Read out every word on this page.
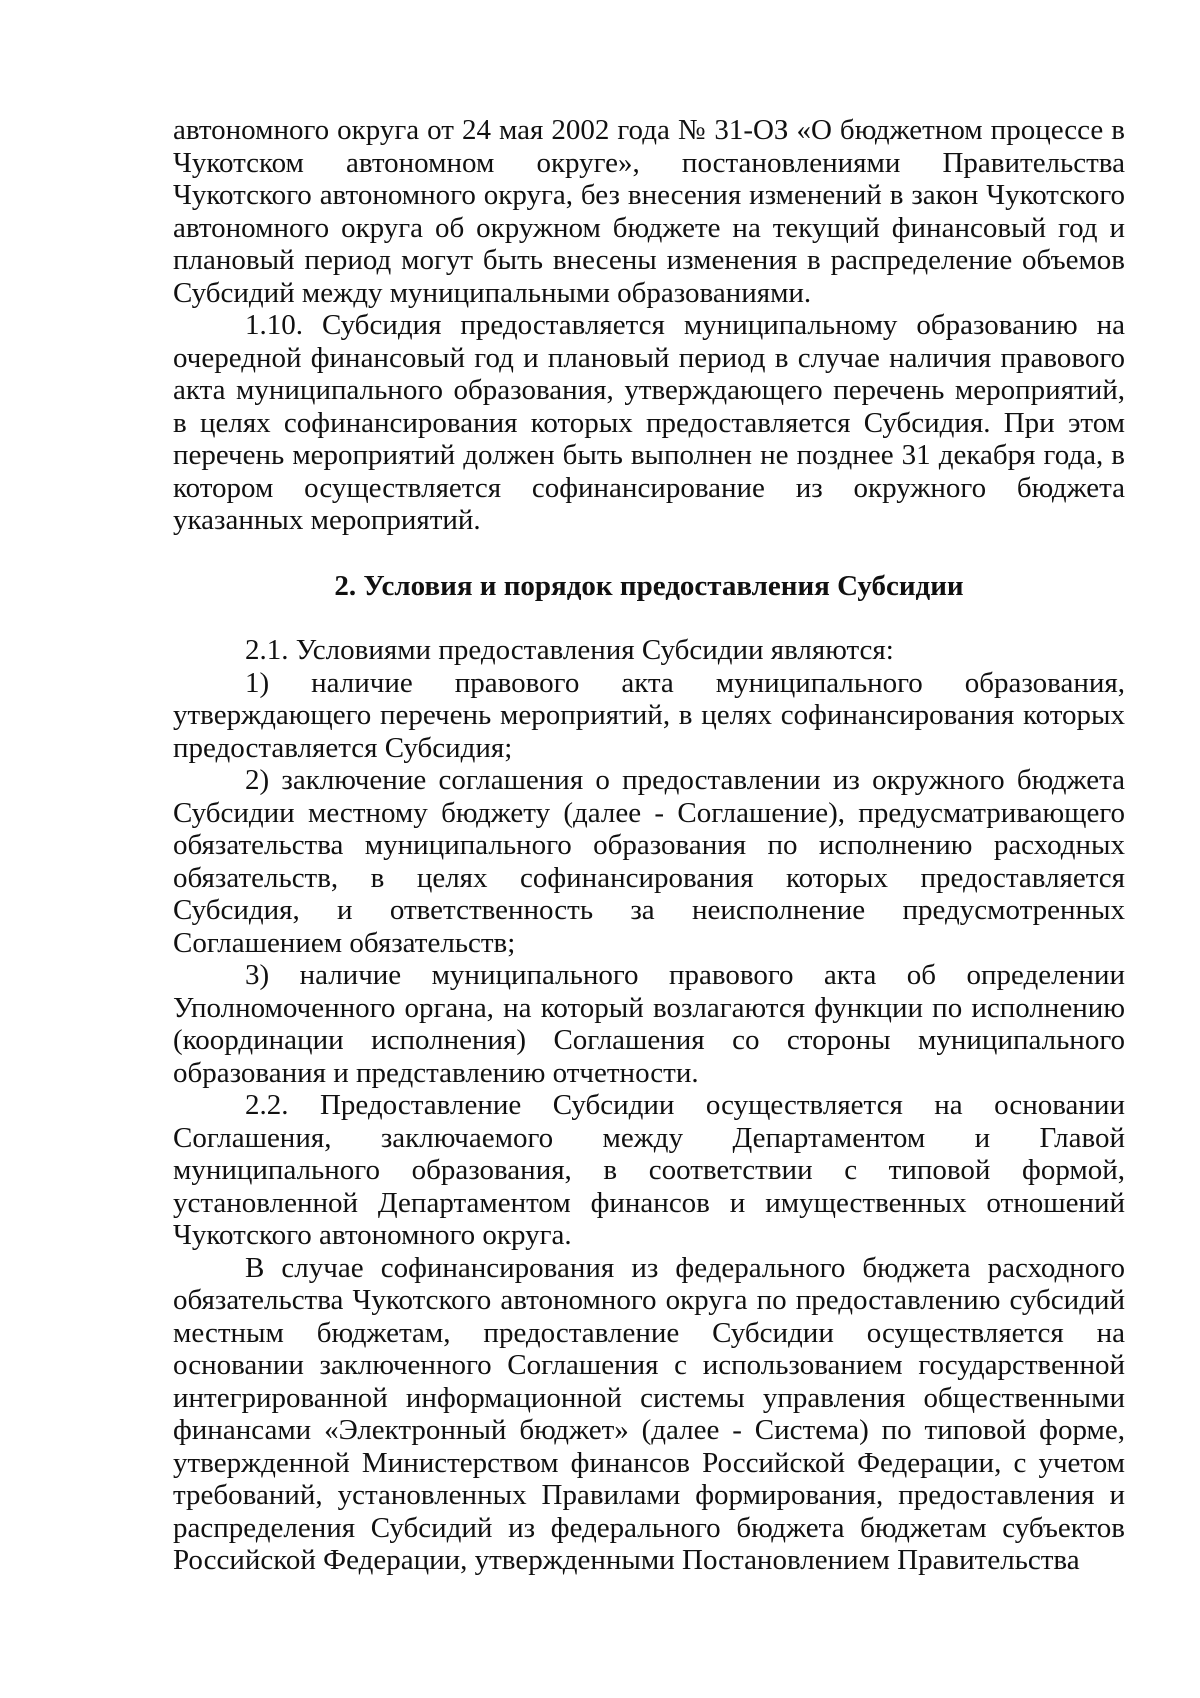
автономного округа от 24 мая 2002 года № 31-ОЗ «О бюджетном процессе в Чукотском автономном округе», постановлениями Правительства Чукотского автономного округа, без внесения изменений в закон Чукотского автономного округа об окружном бюджете на текущий финансовый год и плановый период могут быть внесены изменения в распределение объемов Субсидий между муниципальными образованиями.

1.10. Субсидия предоставляется муниципальному образованию на очередной финансовый год и плановый период в случае наличия правового акта муниципального образования, утверждающего перечень мероприятий, в целях софинансирования которых предоставляется Субсидия. При этом перечень мероприятий должен быть выполнен не позднее 31 декабря года, в котором осуществляется софинансирование из окружного бюджета указанных мероприятий.

2. Условия и порядок предоставления Субсидии

2.1. Условиями предоставления Субсидии являются:

1) наличие правового акта муниципального образования, утверждающего перечень мероприятий, в целях софинансирования которых предоставляется Субсидия;

2) заключение соглашения о предоставлении из окружного бюджета Субсидии местному бюджету (далее - Соглашение), предусматривающего обязательства муниципального образования по исполнению расходных обязательств, в целях софинансирования которых предоставляется Субсидия, и ответственность за неисполнение предусмотренных Соглашением обязательств;

3) наличие муниципального правового акта об определении Уполномоченного органа, на который возлагаются функции по исполнению (координации исполнения) Соглашения со стороны муниципального образования и представлению отчетности.

2.2. Предоставление Субсидии осуществляется на основании Соглашения, заключаемого между Департаментом и Главой муниципального образования, в соответствии с типовой формой, установленной Департаментом финансов и имущественных отношений Чукотского автономного округа.

В случае софинансирования из федерального бюджета расходного обязательства Чукотского автономного округа по предоставлению субсидий местным бюджетам, предоставление Субсидии осуществляется на основании заключенного Соглашения с использованием государственной интегрированной информационной системы управления общественными финансами «Электронный бюджет» (далее - Система) по типовой форме, утвержденной Министерством финансов Российской Федерации, с учетом требований, установленных Правилами формирования, предоставления и распределения Субсидий из федерального бюджета бюджетам субъектов Российской Федерации, утвержденными Постановлением Правительства
